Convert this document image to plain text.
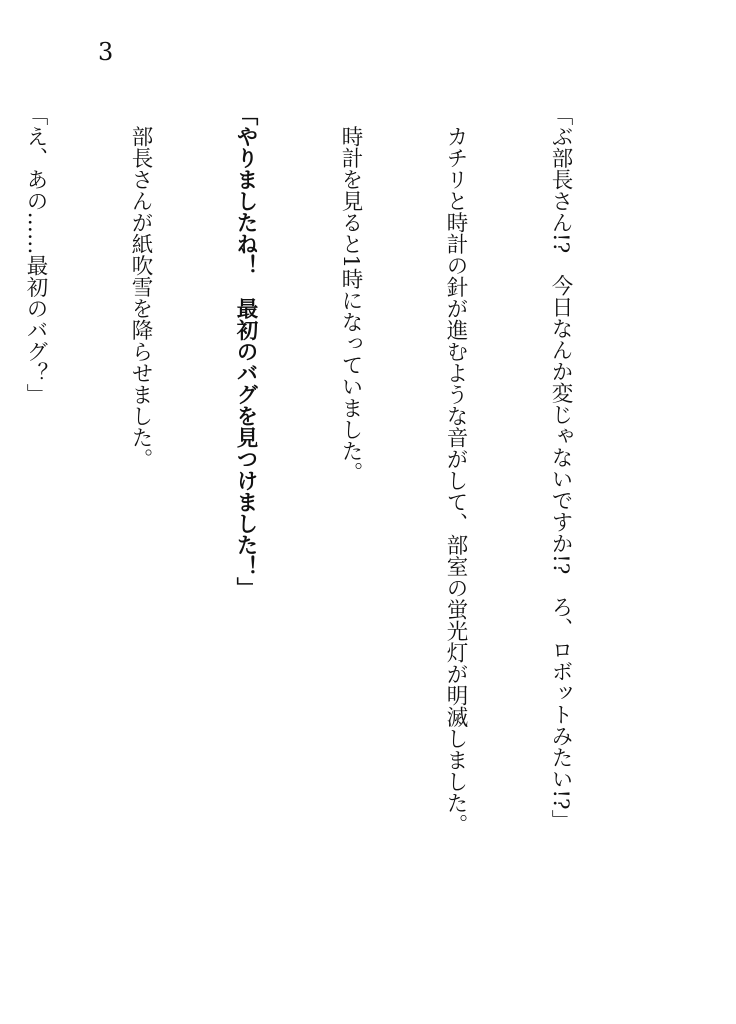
3

「ぶ部長さん!?　今日なんか変じゃないですか!?　ろ、ロボットみたい!?」

　カチリと時計の針が進むような音がして、部室の蛍光灯が明滅しました。

　時計を見ると1時になっていました。

「やりましたね！　最初のバグを見つけました！」

　部長さんが紙吹雪を降らせました。

「え、あの……最初のバグ？」
